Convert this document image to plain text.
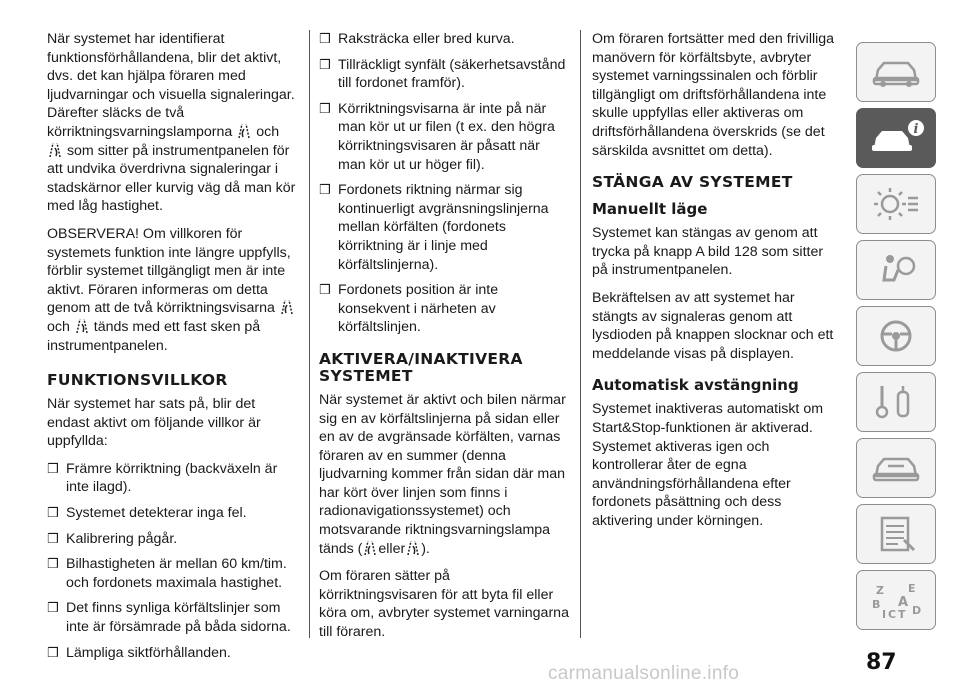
När systemet har identifierat funktionsförhållandena, blir det aktivt, dvs. det kan hjälpa föraren med ljudvarningar och visuella signaleringar. Därefter släcks de två körriktningsvarningslamporna och
som sitter på instrumentpanelen för att undvika överdrivna signaleringar i stadskärnor eller kurvig väg då man kör med låg hastighet.

OBSERVERA! Om villkoren för systemets funktion inte längre uppfylls, förblir systemet tillgängligt men är inte aktivt. Föraren informeras om detta genom att de två körriktningsvisarna
och tänds med ett fast sken på instrumentpanelen.

FUNKTIONSVILLKOR

När systemet har sats på, blir det endast aktivt om följande villkor är uppfyllda:

❒ Främre körriktning (backväxeln är inte ilagd).
❒ Systemet detekterar inga fel.
❒ Kalibrering pågår.
❒ Bilhastigheten är mellan 60 km/tim. och fordonets maximala hastighet.
❒ Det finns synliga körfältslinjer som inte är försämrade på båda sidorna.
❒ Lämpliga siktförhållanden.
❒ Raksträcka eller bred kurva.
❒ Tillräckligt synfält (säkerhetsavstånd till fordonet framför).
❒ Körriktningsvisarna är inte på när man kör ut ur filen (t ex. den högra körriktningsvisaren är påsatt när man kör ut ur höger fil).
❒ Fordonets riktning närmar sig kontinuerligt avgränsningslinjerna mellan körfälten (fordonets körriktning är i linje med körfältslinjerna).
❒ Fordonets position är inte konsekvent i närheten av körfältslinjen.
AKTIVERA/INAKTIVERA SYSTEMET

När systemet är aktivt och bilen närmar sig en av körfältslinjerna på sidan eller en av de avgränsade körfälten, varnas föraren av en summer (denna ljudvarning kommer från sidan där man har kört över linjen som finns i radionavigationssystemet) och motsvarande riktningsvarningslampa tänds ( eller ).

Om föraren sätter på körriktningsvisaren för att byta fil eller köra om, avbryter systemet varningarna till föraren.

Om föraren fortsätter med den frivilliga manövern för körfältsbyte, avbryter systemet varningssinalen och förblir tillgängligt om driftsförhållandena inte skulle uppfyllas eller aktiveras om driftsförhållandena överskrids (se det särskilda avsnittet om detta).

STÄNGA AV SYSTEMET
Manuellt läge

Systemet kan stängas av genom att trycka på knapp A bild 128 som sitter på instrumentpanelen.

Bekräftelsen av att systemet har stängts av signaleras genom att lysdioden på knappen slocknar och ett meddelande visas på displayen.

Automatisk avstängning

Systemet inaktiveras automatiskt om Start&Stop-funktionen är aktiverad. Systemet aktiveras igen och kontrollerar åter de egna användningsförhållandena efter fordonets påsättning och dess aktivering under körningen.

i
Z E
B A
I C T D
87
carmanualsonline.info
